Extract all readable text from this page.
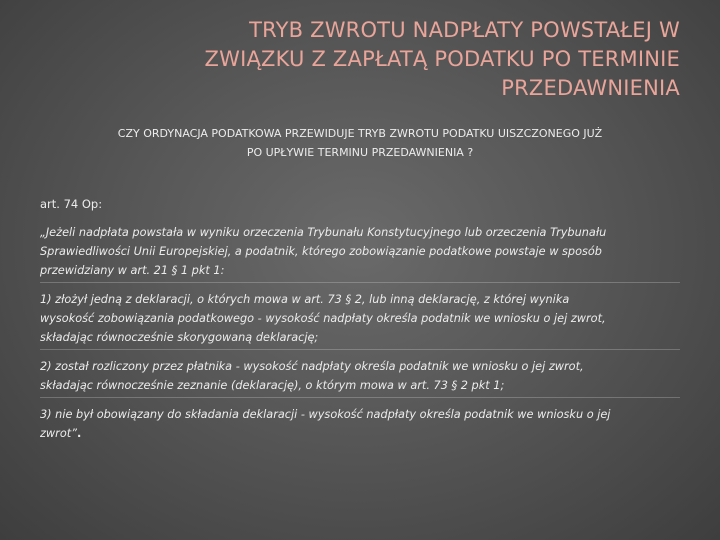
TRYB ZWROTU NADPŁATY POWSTAŁEJ W
ZWIĄZKU Z ZAPŁATĄ PODATKU PO TERMINIE
PRZEDAWNIENIA
CZY ORDYNACJA PODATKOWA PRZEWIDUJE TRYB ZWROTU PODATKU UISZCZONEGO JUŻ
PO UPŁYWIE TERMINU PRZEDAWNIENIA ?
art. 74 Op:
„Jeżeli nadpłata powstała w wyniku orzeczenia Trybunału Konstytucyjnego lub orzeczenia Trybunału
Sprawiedliwości Unii Europejskiej, a podatnik, którego zobowiązanie podatkowe powstaje w sposób
przewidziany w art. 21 § 1 pkt 1:
1) złożył jedną z deklaracji, o których mowa w art. 73 § 2, lub inną deklarację, z której wynika
wysokość zobowiązania podatkowego - wysokość nadpłaty określa podatnik we wniosku o jej zwrot,
składając równocześnie skorygowaną deklarację;
2) został rozliczony przez płatnika - wysokość nadpłaty określa podatnik we wniosku o jej zwrot,
składając równocześnie zeznanie (deklarację), o którym mowa w art. 73 § 2 pkt 1;
3) nie był obowiązany do składania deklaracji - wysokość nadpłaty określa podatnik we wniosku o jej
zwrot”.
